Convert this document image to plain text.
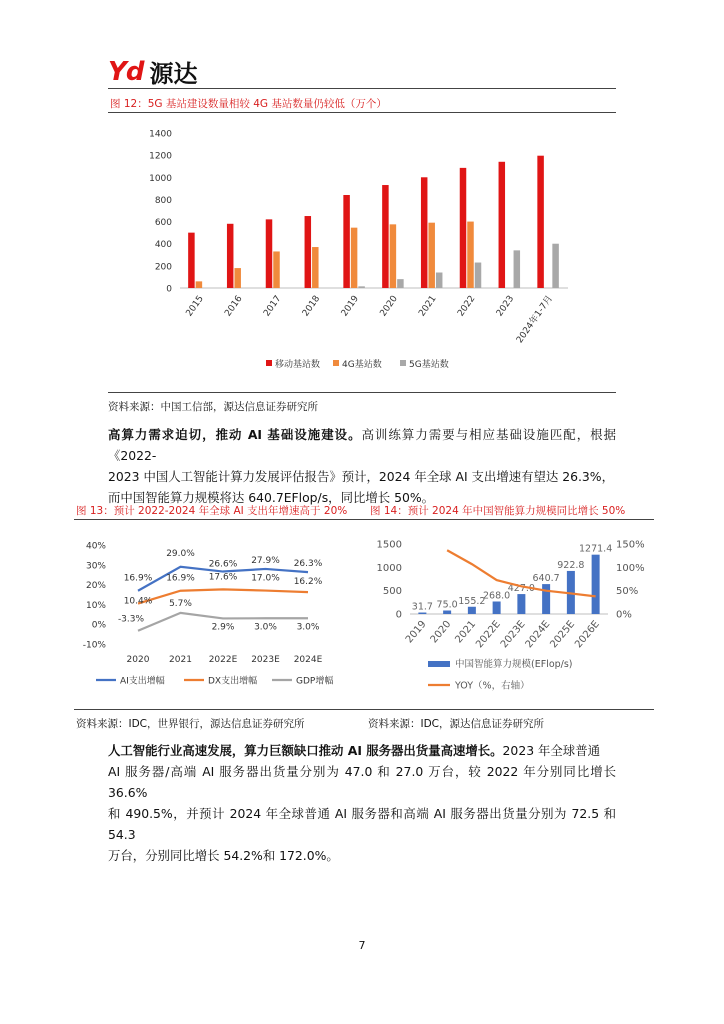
Yd 源达
图 12：5G 基站建设数量相较 4G 基站数量仍较低（万个）
0
200
400
600
800
1000
1200
1400
2015 2016 2017 2018 2019 2020 2021 2022 2023
2024年1-7月
移动基站数 4G基站数	5G基站数
资料来源：中国工信部，源达信息证券研究所
高算力需求迫切，推动 AI 基础设施建设。高训练算力需要与相应基础设施匹配，根据《2022-
2023 中国人工智能计算力发展评估报告》预计，2024 年全球 AI 支出增速有望达 26.3%，
而中国智能算力规模将达 640.7EFlop/s，同比增长 50%。
图 13：预计 2022-2024 年全球 AI 支出年增速高于 20% 图 14：预计 2024 年中国智能算力规模同比增长 50%
-10%
0%
10%
20%
30%
40%
2020 2021 2022E 2023E 2024E
16.9%
29.0%
26.6% 27.9% 26.3%
10.4%
16.9% 17.6% 17.0% 16.2%
-3.3%
5.7%
2.9% 3.0% 3.0%
AI支出增幅	DX支出增幅	GDP增幅
0
500
1000
1500
0%
50%
100%
150%
31.7 75.0 155.2
268.0
427.0
640.7
922.8
1271.4
2019 2020 2021
2022E
2023E
2024E
2025E
2026E
中国智能算力规模(EFlop/s)
YOY（%，右轴）
资料来源：IDC，世界银行，源达信息证券研究所	资料来源：IDC，源达信息证券研究所
人工智能行业高速发展，算力巨额缺口推动 AI 服务器出货量高速增长。2023 年全球普通
AI 服务器/高端 AI 服务器出货量分别为 47.0 和 27.0 万台，较 2022 年分别同比增长 36.6%
和 490.5%，并预计 2024 年全球普通 AI 服务器和高端 AI 服务器出货量分别为 72.5 和 54.3
万台，分别同比增长 54.2%和 172.0%。
7
